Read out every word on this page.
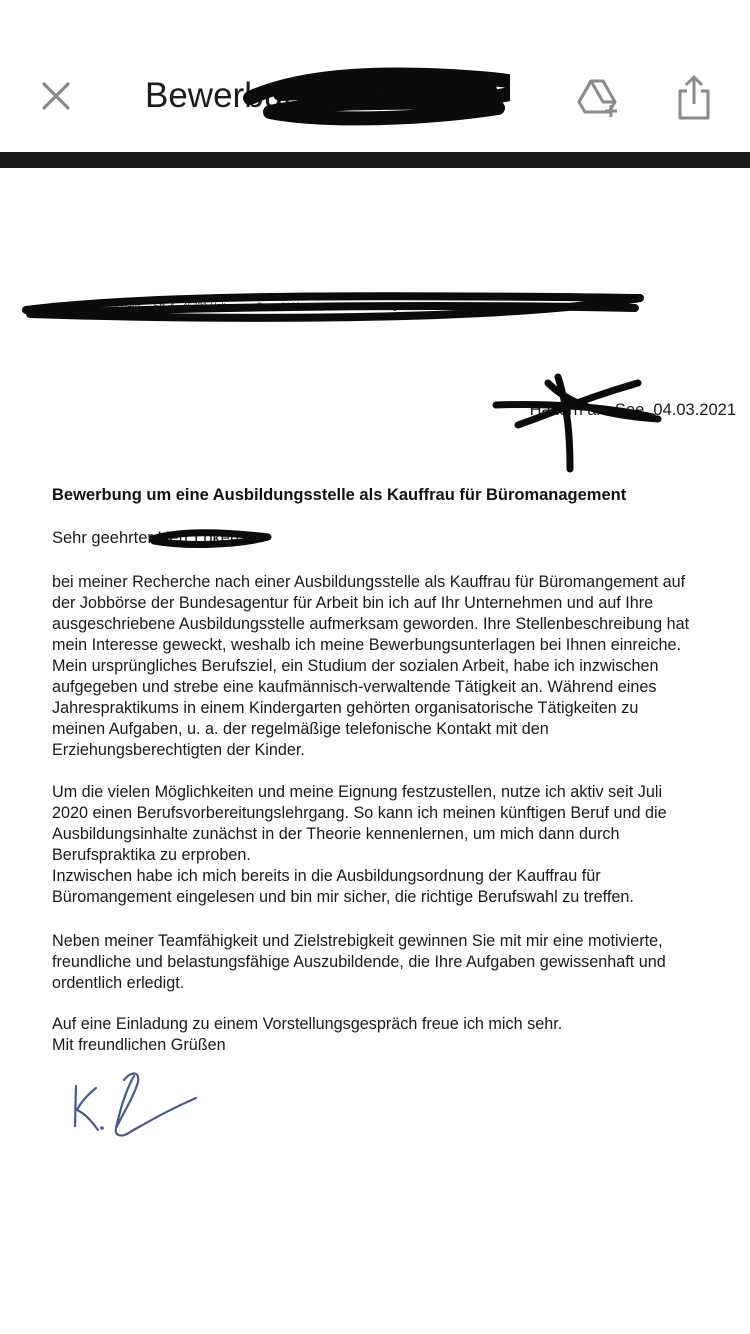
Bewerbung Gis Cons...
Ksenia S... · Reinhard-...-Str. 4 · 45721 Haltern am See · 0160... · spielmannksenia@gmail.com
Haltern am See, 04.03.2021
Bewerbung um eine Ausbildungsstelle als Kauffrau für Büromanagement
Sehr geehrter Herr Löken,
bei meiner Recherche nach einer Ausbildungsstelle als Kauffrau für Büromangement auf
der Jobbörse der Bundesagentur für Arbeit bin ich auf Ihr Unternehmen und auf Ihre
ausgeschriebene Ausbildungsstelle aufmerksam geworden. Ihre Stellenbeschreibung hat
mein Interesse geweckt, weshalb ich meine Bewerbungsunterlagen bei Ihnen einreiche.
Mein ursprüngliches Berufsziel, ein Studium der sozialen Arbeit, habe ich inzwischen
aufgegeben und strebe eine kaufmännisch-verwaltende Tätigkeit an. Während eines
Jahrespraktikums in einem Kindergarten gehörten organisatorische Tätigkeiten zu
meinen Aufgaben, u. a. der regelmäßige telefonische Kontakt mit den
Erziehungsberechtigten der Kinder.
Um die vielen Möglichkeiten und meine Eignung festzustellen, nutze ich aktiv seit Juli
2020 einen Berufsvorbereitungslehrgang. So kann ich meinen künftigen Beruf und die
Ausbildungsinhalte zunächst in der Theorie kennenlernen, um mich dann durch
Berufspraktika zu erproben.
Inzwischen habe ich mich bereits in die Ausbildungsordnung der Kauffrau für
Büromangement eingelesen und bin mir sicher, die richtige Berufswahl zu treffen.
Neben meiner Teamfähigkeit und Zielstrebigkeit gewinnen Sie mit mir eine motivierte,
freundliche und belastungsfähige Auszubildende, die Ihre Aufgaben gewissenhaft und
ordentlich erledigt.
Auf eine Einladung zu einem Vorstellungsgespräch freue ich mich sehr.
Mit freundlichen Grüßen
